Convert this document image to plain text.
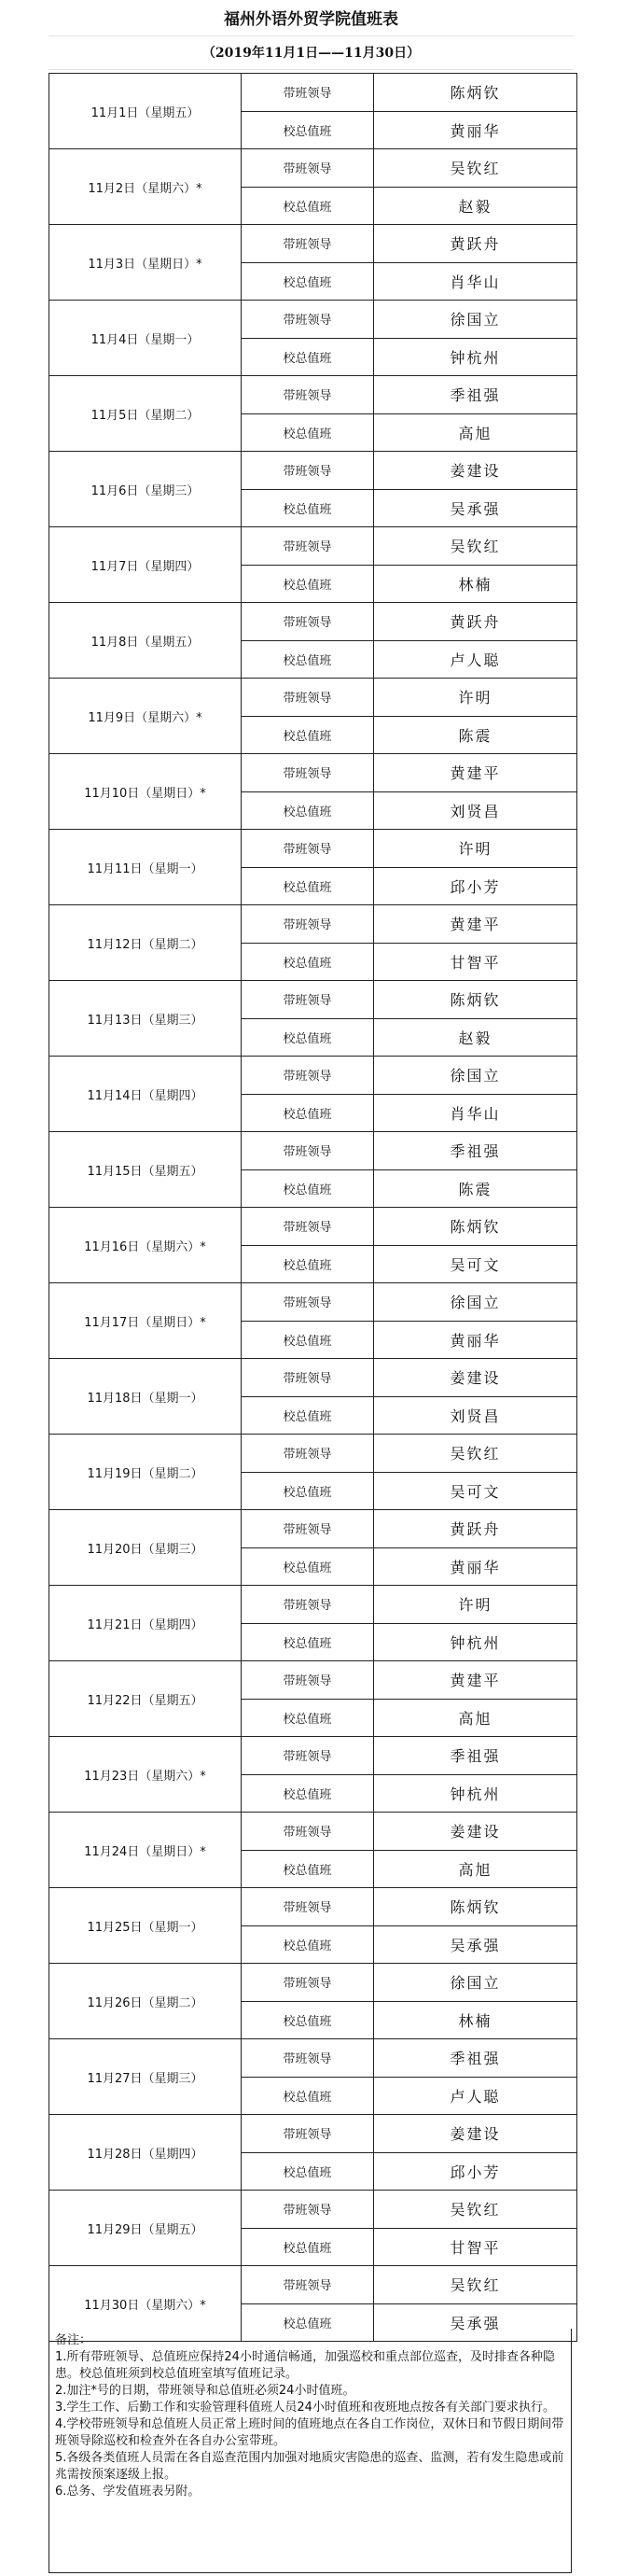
福州外语外贸学院值班表
（2019年11月1日——11月30日）
11月1日（星期五）	带班领导	陈炳钦
	校总值班	黄丽华
11月2日（星期六）*	带班领导	吴钦红
	校总值班	赵毅
11月3日（星期日）*	带班领导	黄跃舟
	校总值班	肖华山
11月4日（星期一）	带班领导	徐国立
	校总值班	钟杭州
11月5日（星期二）	带班领导	季祖强
	校总值班	高旭
11月6日（星期三）	带班领导	姜建设
	校总值班	吴承强
11月7日（星期四）	带班领导	吴钦红
	校总值班	林楠
11月8日（星期五）	带班领导	黄跃舟
	校总值班	卢人聪
11月9日（星期六）*	带班领导	许明
	校总值班	陈震
11月10日（星期日）*	带班领导	黄建平
	校总值班	刘贤昌
11月11日（星期一）	带班领导	许明
	校总值班	邱小芳
11月12日（星期二）	带班领导	黄建平
	校总值班	甘智平
11月13日（星期三）	带班领导	陈炳钦
	校总值班	赵毅
11月14日（星期四）	带班领导	徐国立
	校总值班	肖华山
11月15日（星期五）	带班领导	季祖强
	校总值班	陈震
11月16日（星期六）*	带班领导	陈炳钦
	校总值班	吴可文
11月17日（星期日）*	带班领导	徐国立
	校总值班	黄丽华
11月18日（星期一）	带班领导	姜建设
	校总值班	刘贤昌
11月19日（星期二）	带班领导	吴钦红
	校总值班	吴可文
11月20日（星期三）	带班领导	黄跃舟
	校总值班	黄丽华
11月21日（星期四）	带班领导	许明
	校总值班	钟杭州
11月22日（星期五）	带班领导	黄建平
	校总值班	高旭
11月23日（星期六）*	带班领导	季祖强
	校总值班	钟杭州
11月24日（星期日）*	带班领导	姜建设
	校总值班	高旭
11月25日（星期一）	带班领导	陈炳钦
	校总值班	吴承强
11月26日（星期二）	带班领导	徐国立
	校总值班	林楠
11月27日（星期三）	带班领导	季祖强
	校总值班	卢人聪
11月28日（星期四）	带班领导	姜建设
	校总值班	邱小芳
11月29日（星期五）	带班领导	吴钦红
	校总值班	甘智平
11月30日（星期六）*	带班领导	吴钦红
	校总值班	吴承强

备注：

1.所有带班领导、总值班应保持24小时通信畅通，加强巡校和重点部位巡查，及时排查各种隐患。校总值班须到校总值班室填写值班记录。

2.加注*号的日期，带班领导和总值班必须24小时值班。

3.学生工作、后勤工作和实验管理科值班人员24小时值班和夜班地点按各有关部门要求执行。

4.学校带班领导和总值班人员正常上班时间的值班地点在各自工作岗位，双休日和节假日期间带班领导除巡校和检查外在各自办公室带班。

5.各级各类值班人员需在各自巡查范围内加强对地质灾害隐患的巡查、监测，若有发生隐患或前兆需按预案逐级上报。

6.总务、学发值班表另附。
